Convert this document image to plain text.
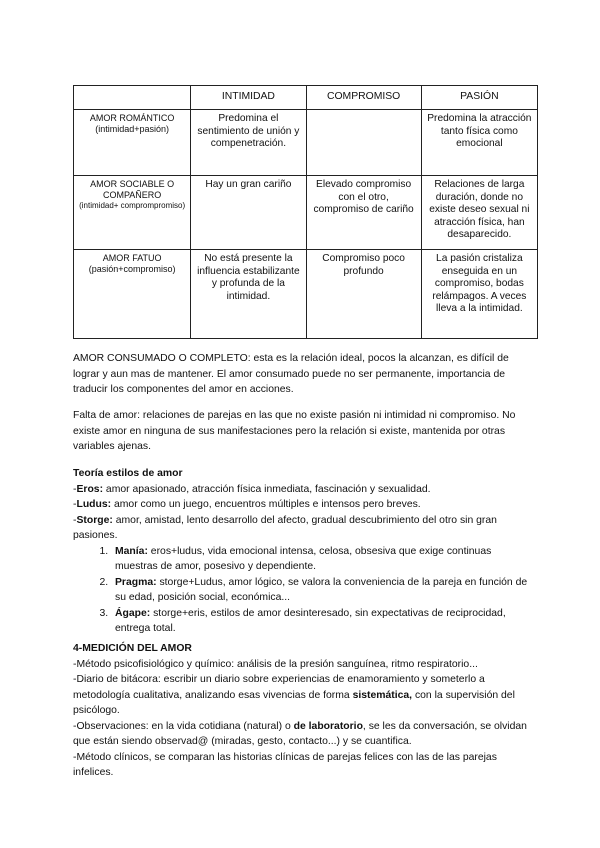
	INTIMIDAD	COMPROMISO	PASIÓN
AMOR ROMÁNTICO
(intimidad+pasión)	Predomina el sentimiento de unión y compenetración.		Predomina la atracción tanto física como emocional
AMOR SOCIABLE O COMPAÑERO
(intimidad+ comprompromiso)	Hay un gran cariño	Elevado compromiso con el otro, compromiso de cariño	Relaciones de larga duración, donde no existe deseo sexual ni atracción física, han desaparecido.
AMOR FATUO
(pasión+compromiso)	No está presente la influencia estabilizante y profunda de la intimidad.	Compromiso poco profundo	La pasión cristaliza enseguida en un compromiso, bodas relámpagos. A veces lleva a la intimidad.

AMOR CONSUMADO O COMPLETO: esta es la relación ideal, pocos la alcanzan, es difícil de lograr y aun mas de mantener. El amor consumado puede no ser permanente, importancia de traducir los componentes del amor en acciones.

Falta de amor: relaciones de parejas en las que no existe pasión ni intimidad ni compromiso. No existe amor en ninguna de sus manifestaciones pero la relación si existe, mantenida por otras variables ajenas.

Teoría estilos de amor

-Eros: amor apasionado, atracción física inmediata, fascinación y sexualidad.

-Ludus: amor como un juego, encuentros múltiples e intensos pero breves.

-Storge: amor, amistad, lento desarrollo del afecto, gradual descubrimiento del otro sin gran pasiones.

1. Manía: eros+ludus, vida emocional intensa, celosa, obsesiva que exige continuas muestras de amor, posesivo y dependiente.
2. Pragma: storge+Ludus, amor lógico, se valora la conveniencia de la pareja en función de su edad, posición social, económica...
3. Ágape: storge+eris, estilos de amor desinteresado, sin expectativas de reciprocidad, entrega total.

4-MEDICIÓN DEL AMOR

-Método psicofisiológico y químico: análisis de la presión sanguínea, ritmo respiratorio...

-Diario de bitácora: escribir un diario sobre experiencias de enamoramiento y someterlo a metodología cualitativa, analizando esas vivencias de forma sistemática, con la supervisión del psicólogo.

-Observaciones: en la vida cotidiana (natural) o de laboratorio, se les da conversación, se olvidan que están siendo observad@ (miradas, gesto, contacto...) y se cuantifica.

-Método clínicos, se comparan las historias clínicas de parejas felices con las de las parejas infelices.
